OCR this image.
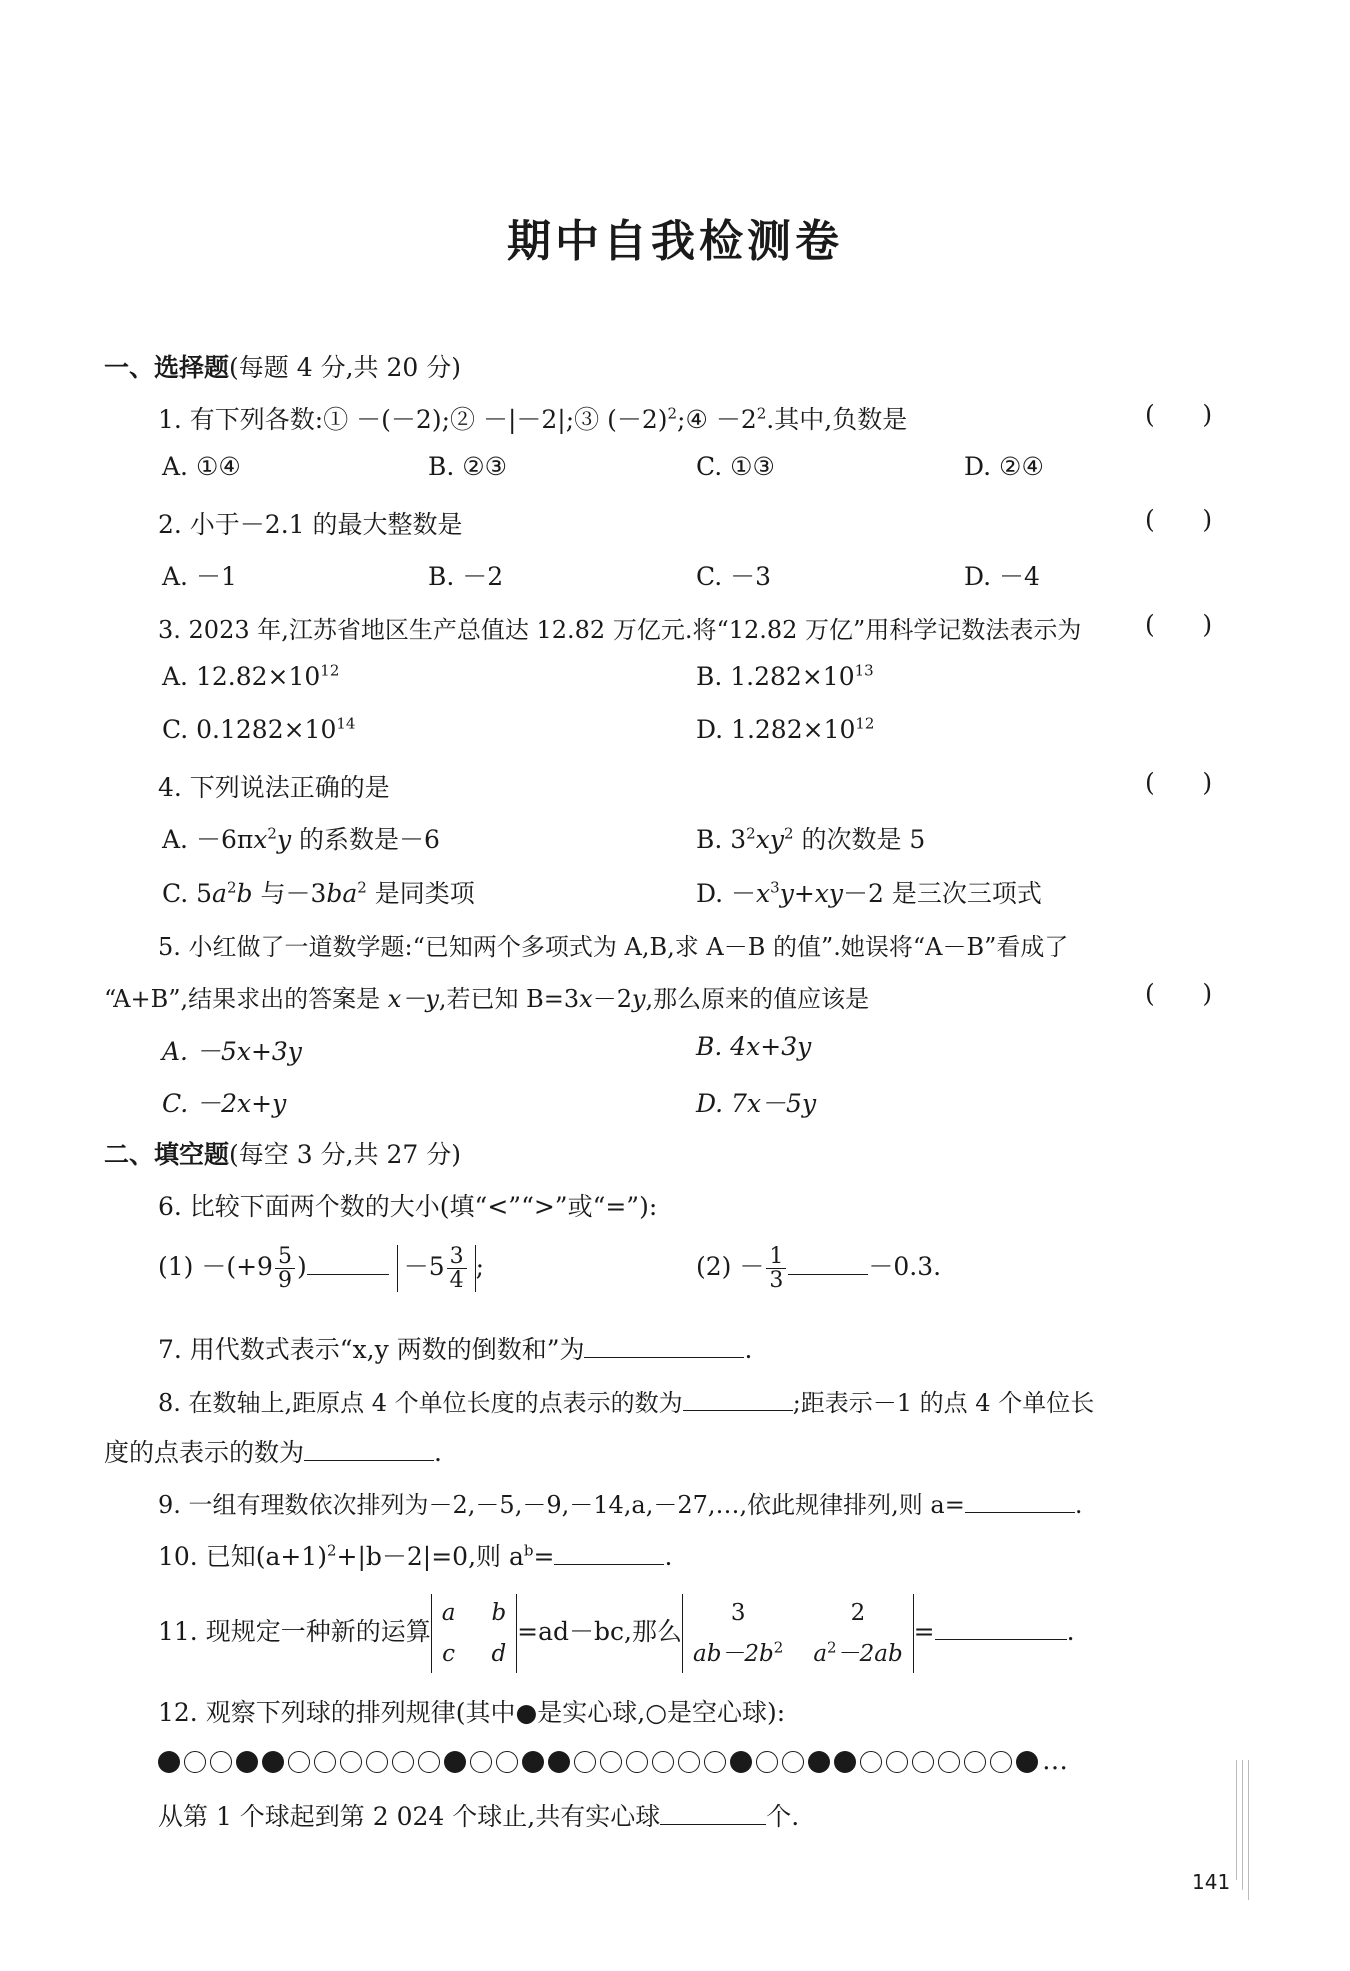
期中自我检测卷
一、选择题(每题 4 分,共 20 分)
1. 有下列各数:① －(－2);② －|－2|;③ $(-2)^2;④ -2^2$.其中,负数是	(      )
A. ①④	B. ②③	C. ①③	D. ②④
2. 小于－2.1 的最大整数是	(      )
A. －1	B. －2	C. －3	D. －4
3. 2023 年,江苏省地区生产总值达 12.82 万亿元.将“12.82 万亿”用科学记数法表示为	(      )
A. $12.82\times 10^{12}$	B. $1.282\times 10^{13}$
C. $0.1282\times 10^{14}$	D. $1.282\times 10^{12}$
4. 下列说法正确的是	(      )
A. $-6\pi x^2y$ 的系数是－6	B. $3^2xy^2$ 的次数是 5
C. $5a^2b$ 与$-3ba^2$ 是同类项	D. $-x^3y+xy-2$ 是三次三项式
5. 小红做了一道数学题:“已知两个多项式为 A,B,求 A－B 的值”.她误将“A－B”看成了
“A+B”,结果求出的答案是 x－y,若已知 B=3x－2y,那么原来的值应该是	(      )
A. －5x+3y	B. 4x+3y
C. －2x+y	D. 7x－5y
二、填空题(每空 3 分,共 27 分)
6. 比较下面两个数的大小(填“<”“>”或“=”):
$(1) -(+9 \frac{5}{9}$ )	$-5 \frac{3}{4}$ ;	$(2) - \frac{1}{3}$	－0.3.
7. 用代数式表示“x,y 两数的倒数和”为	.
8. 在数轴上,距原点 4 个单位长度的点表示的数为	;距表示－1 的点 4 个单位长
度的点表示的数为	.
9. 一组有理数依次排列为－2,－5,－9,－14,a,－27,…,依此规律排列,则 a=	.
10. 已知$(a+1)^2+|b-2|=0$,则 $a^b=$	.
11. 现规定一种新的运算
a b
c d
=ad－bc,那么
3	2
$ab-2b^2$ $a^2-2ab$
=	.
12. 观察下列球的排列规律(其中●是实心球,○是空心球):
…
从第 1 个球起到第 2 024 个球止,共有实心球	个.
141
